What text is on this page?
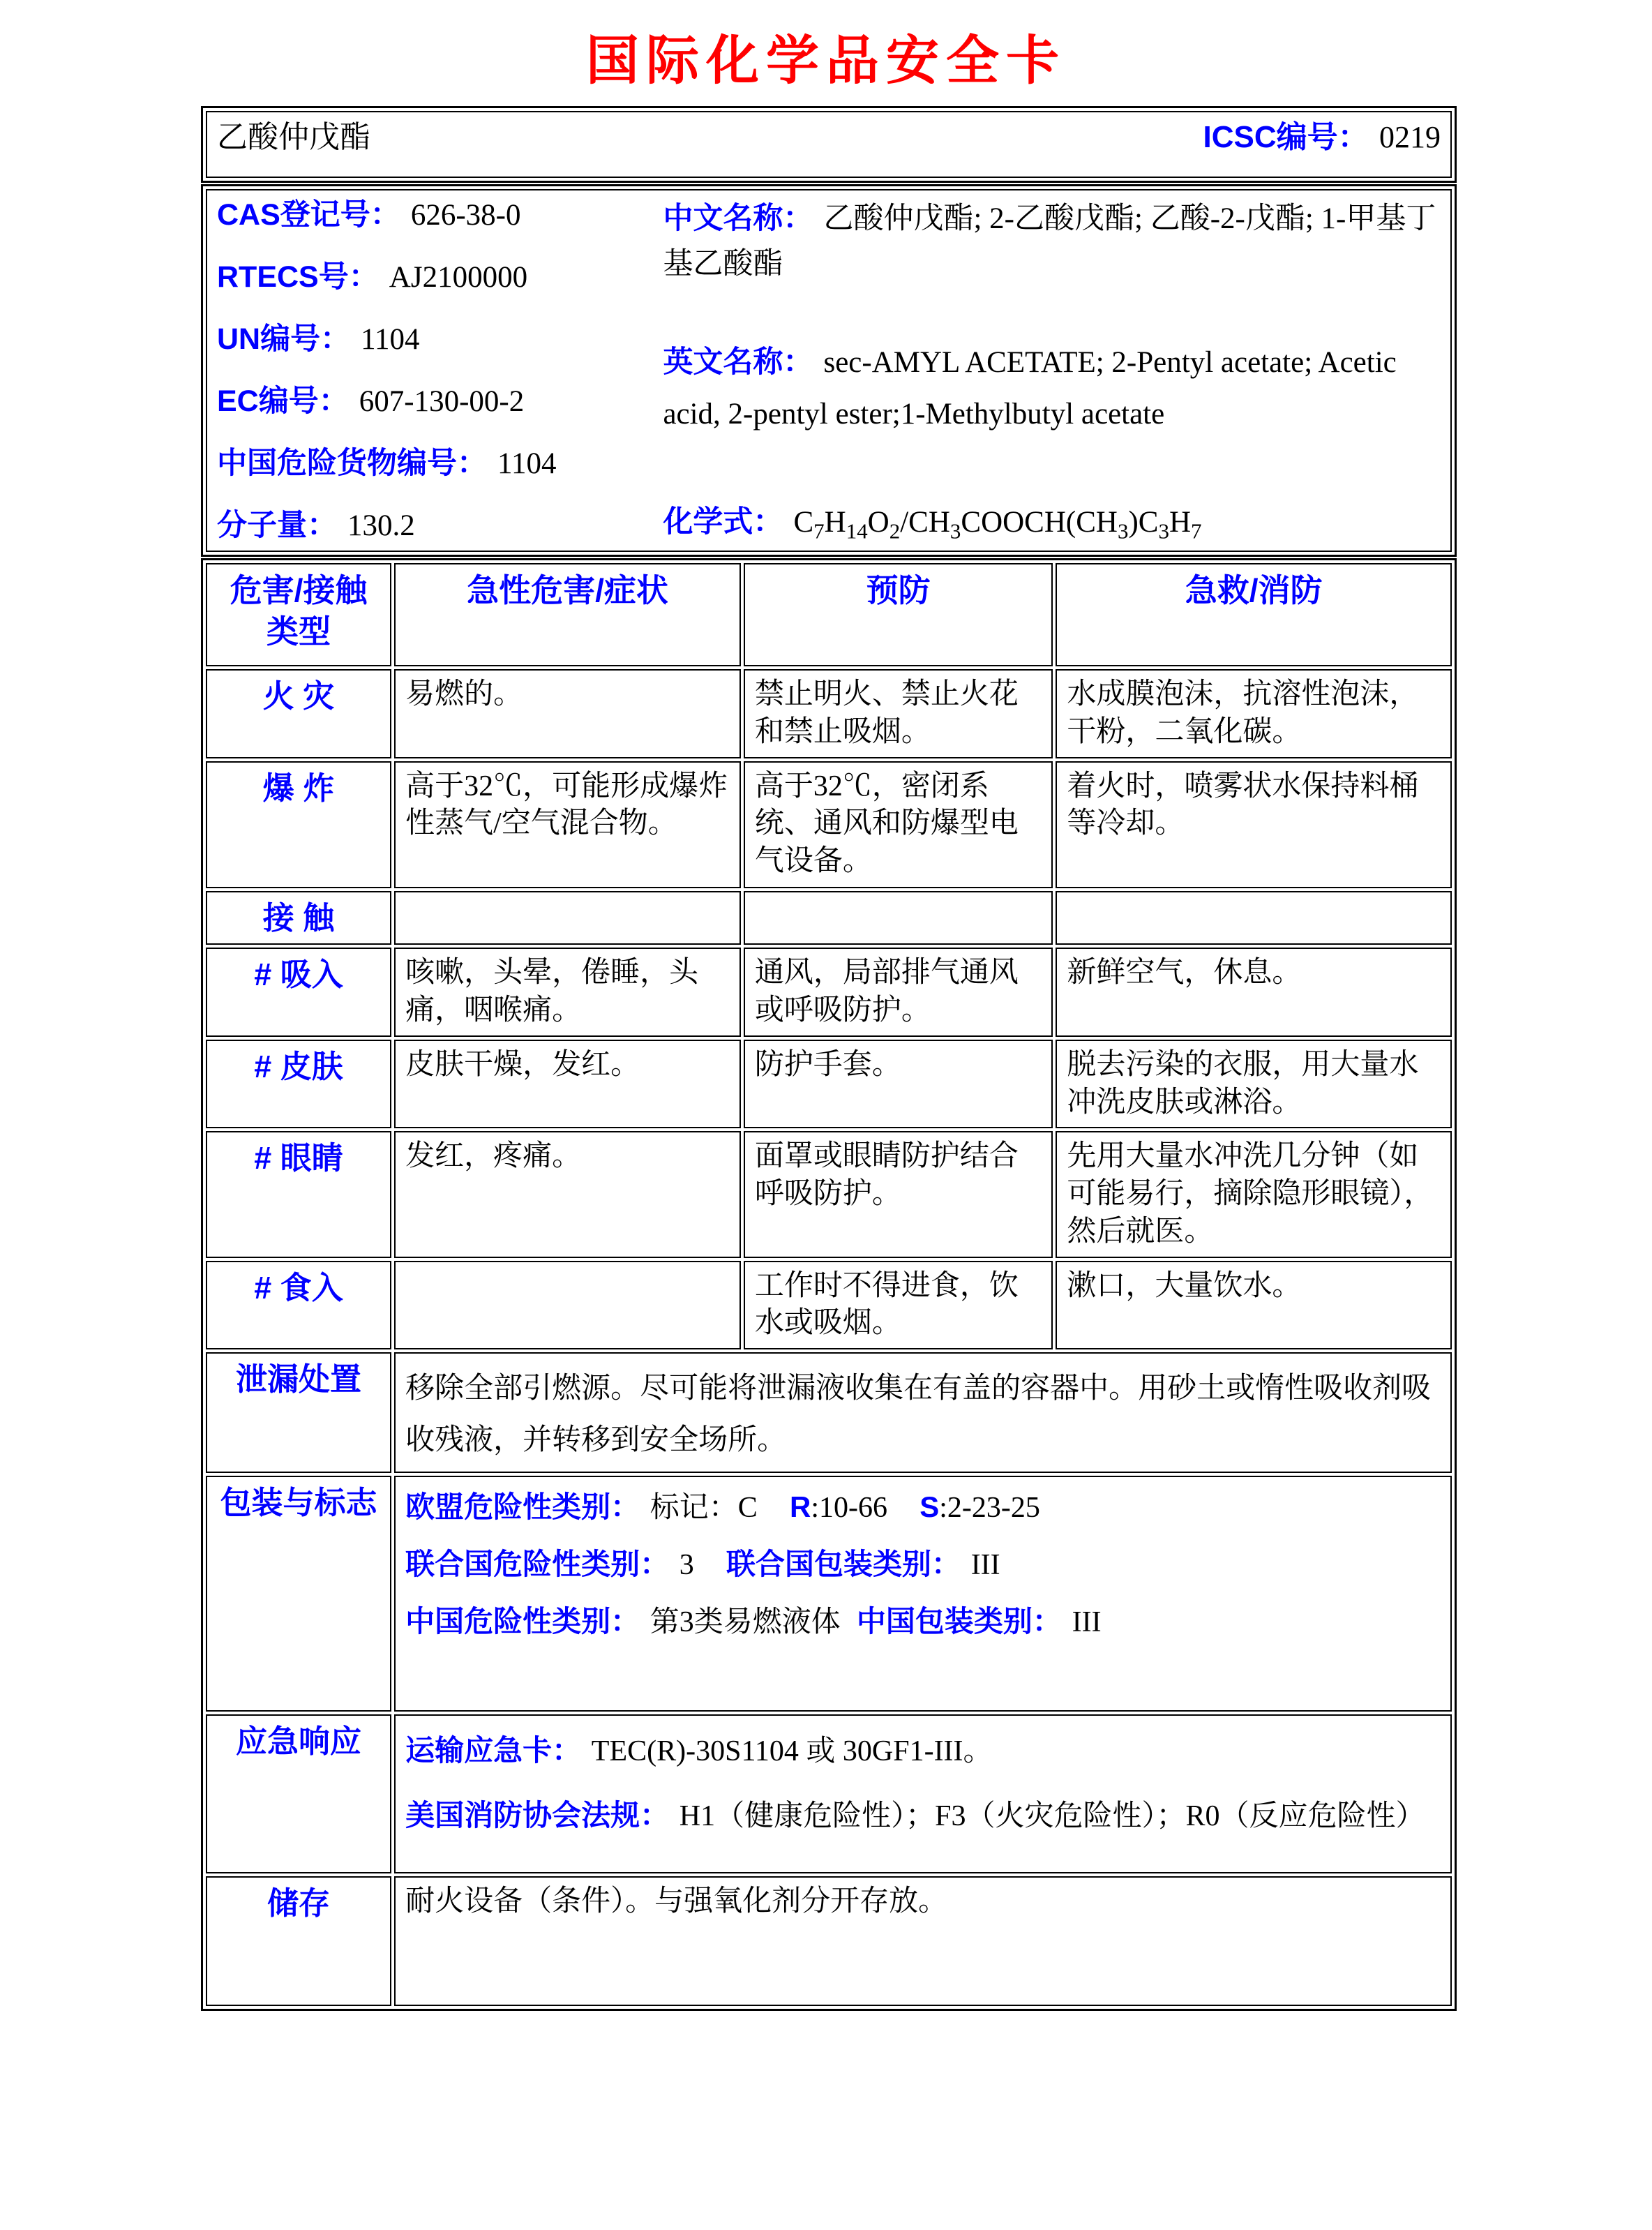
国际化学品安全卡
乙酸仲戊酯	ICSC编号： 0219
CAS登记号： 626-38-0
RTECS号： AJ2100000
UN编号： 1104
EC编号： 607-130-00-2
中国危险货物编号： 1104
分子量： 130.2
中文名称： 乙酸仲戊酯; 2-乙酸戊酯; 乙酸-2-戊酯; 1-甲基丁基乙酸酯
英文名称： sec-AMYL ACETATE; 2-Pentyl acetate; Acetic acid, 2-pentyl ester;1-Methylbutyl acetate
化学式： $C_7H_{14}O_2/CH_3COOCH(CH_3)C_3H_7$
危害/接触
类型	急性危害/症状	预防	急救/消防
火 灾	易燃的。	禁止明火、禁止火花和禁止吸烟。	水成膜泡沫，抗溶性泡沫，干粉，二氧化碳。
爆 炸	高于32℃，可能形成爆炸性蒸气/空气混合物。	高于32℃，密闭系统、通风和防爆型电气设备。	着火时，喷雾状水保持料桶等冷却。
接 触			
# 吸入	咳嗽，头晕，倦睡，头痛，咽喉痛。	通风，局部排气通风或呼吸防护。	新鲜空气，休息。
# 皮肤	皮肤干燥，发红。	防护手套。	脱去污染的衣服，用大量水冲洗皮肤或淋浴。
# 眼睛	发红，疼痛。	面罩或眼睛防护结合呼吸防护。	先用大量水冲洗几分钟（如可能易行，摘除隐形眼镜），然后就医。
# 食入		工作时不得进食，饮水或吸烟。	漱口，大量饮水。
泄漏处置	移除全部引燃源。尽可能将泄漏液收集在有盖的容器中。用砂土或惰性吸收剂吸收残液，并转移到安全场所。		
包装与标志	欧盟危险性类别： 标记：C R:10-66 S:2-23-25
联合国危险性类别： 3 联合国包装类别： III
中国危险性类别： 第3类易燃液体 中国包装类别： III		

应急响应	运输应急卡： TEC(R)-30S1104 或 30GF1-III。
美国消防协会法规： H1（健康危险性）；F3（火灾危险性）；R0（反应危险性）		

储存	耐火设备（条件）。与强氧化剂分开存放。		
